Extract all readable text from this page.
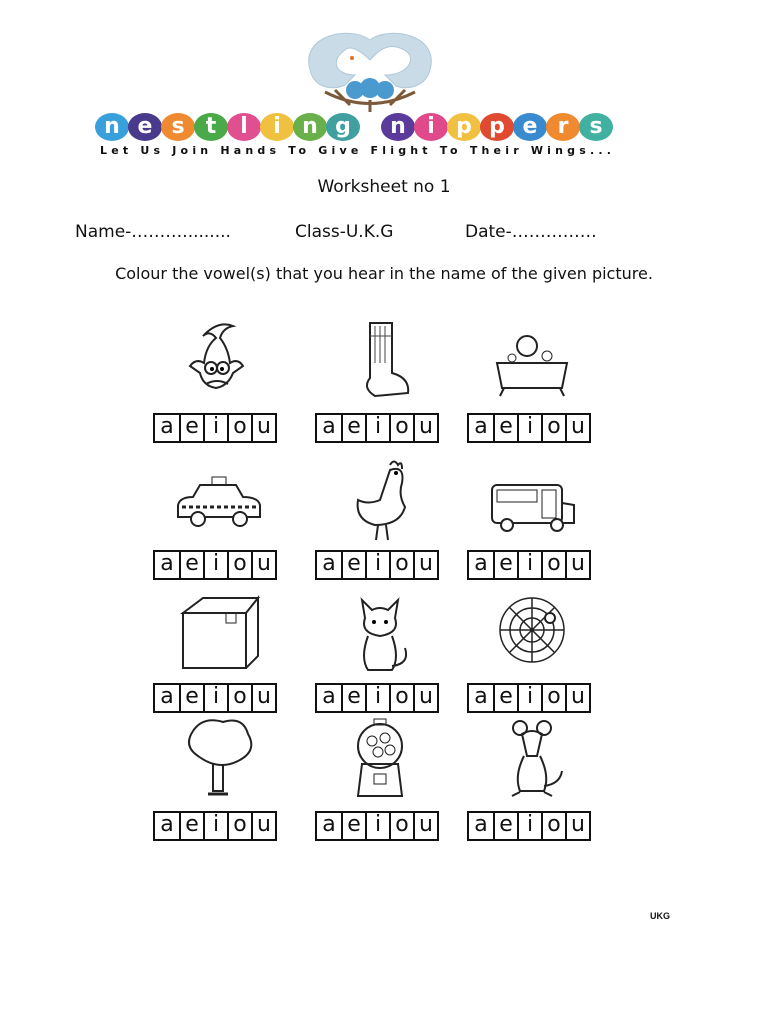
n e s t	l	i n g	n i p p e r s
Let Us Join Hands To Give Flight To Their Wings...
Worksheet no 1
Name-……….........	Class-U.K.G	Date-……………
Colour the vowel(s) that you hear in the name of the given picture.
a e i o u a e i o u a e i o u
a e i o u a e i o u a e i o u
a e i o u a e i o u a e i o u
a e i o u a e i o u a e i o u
UKG
